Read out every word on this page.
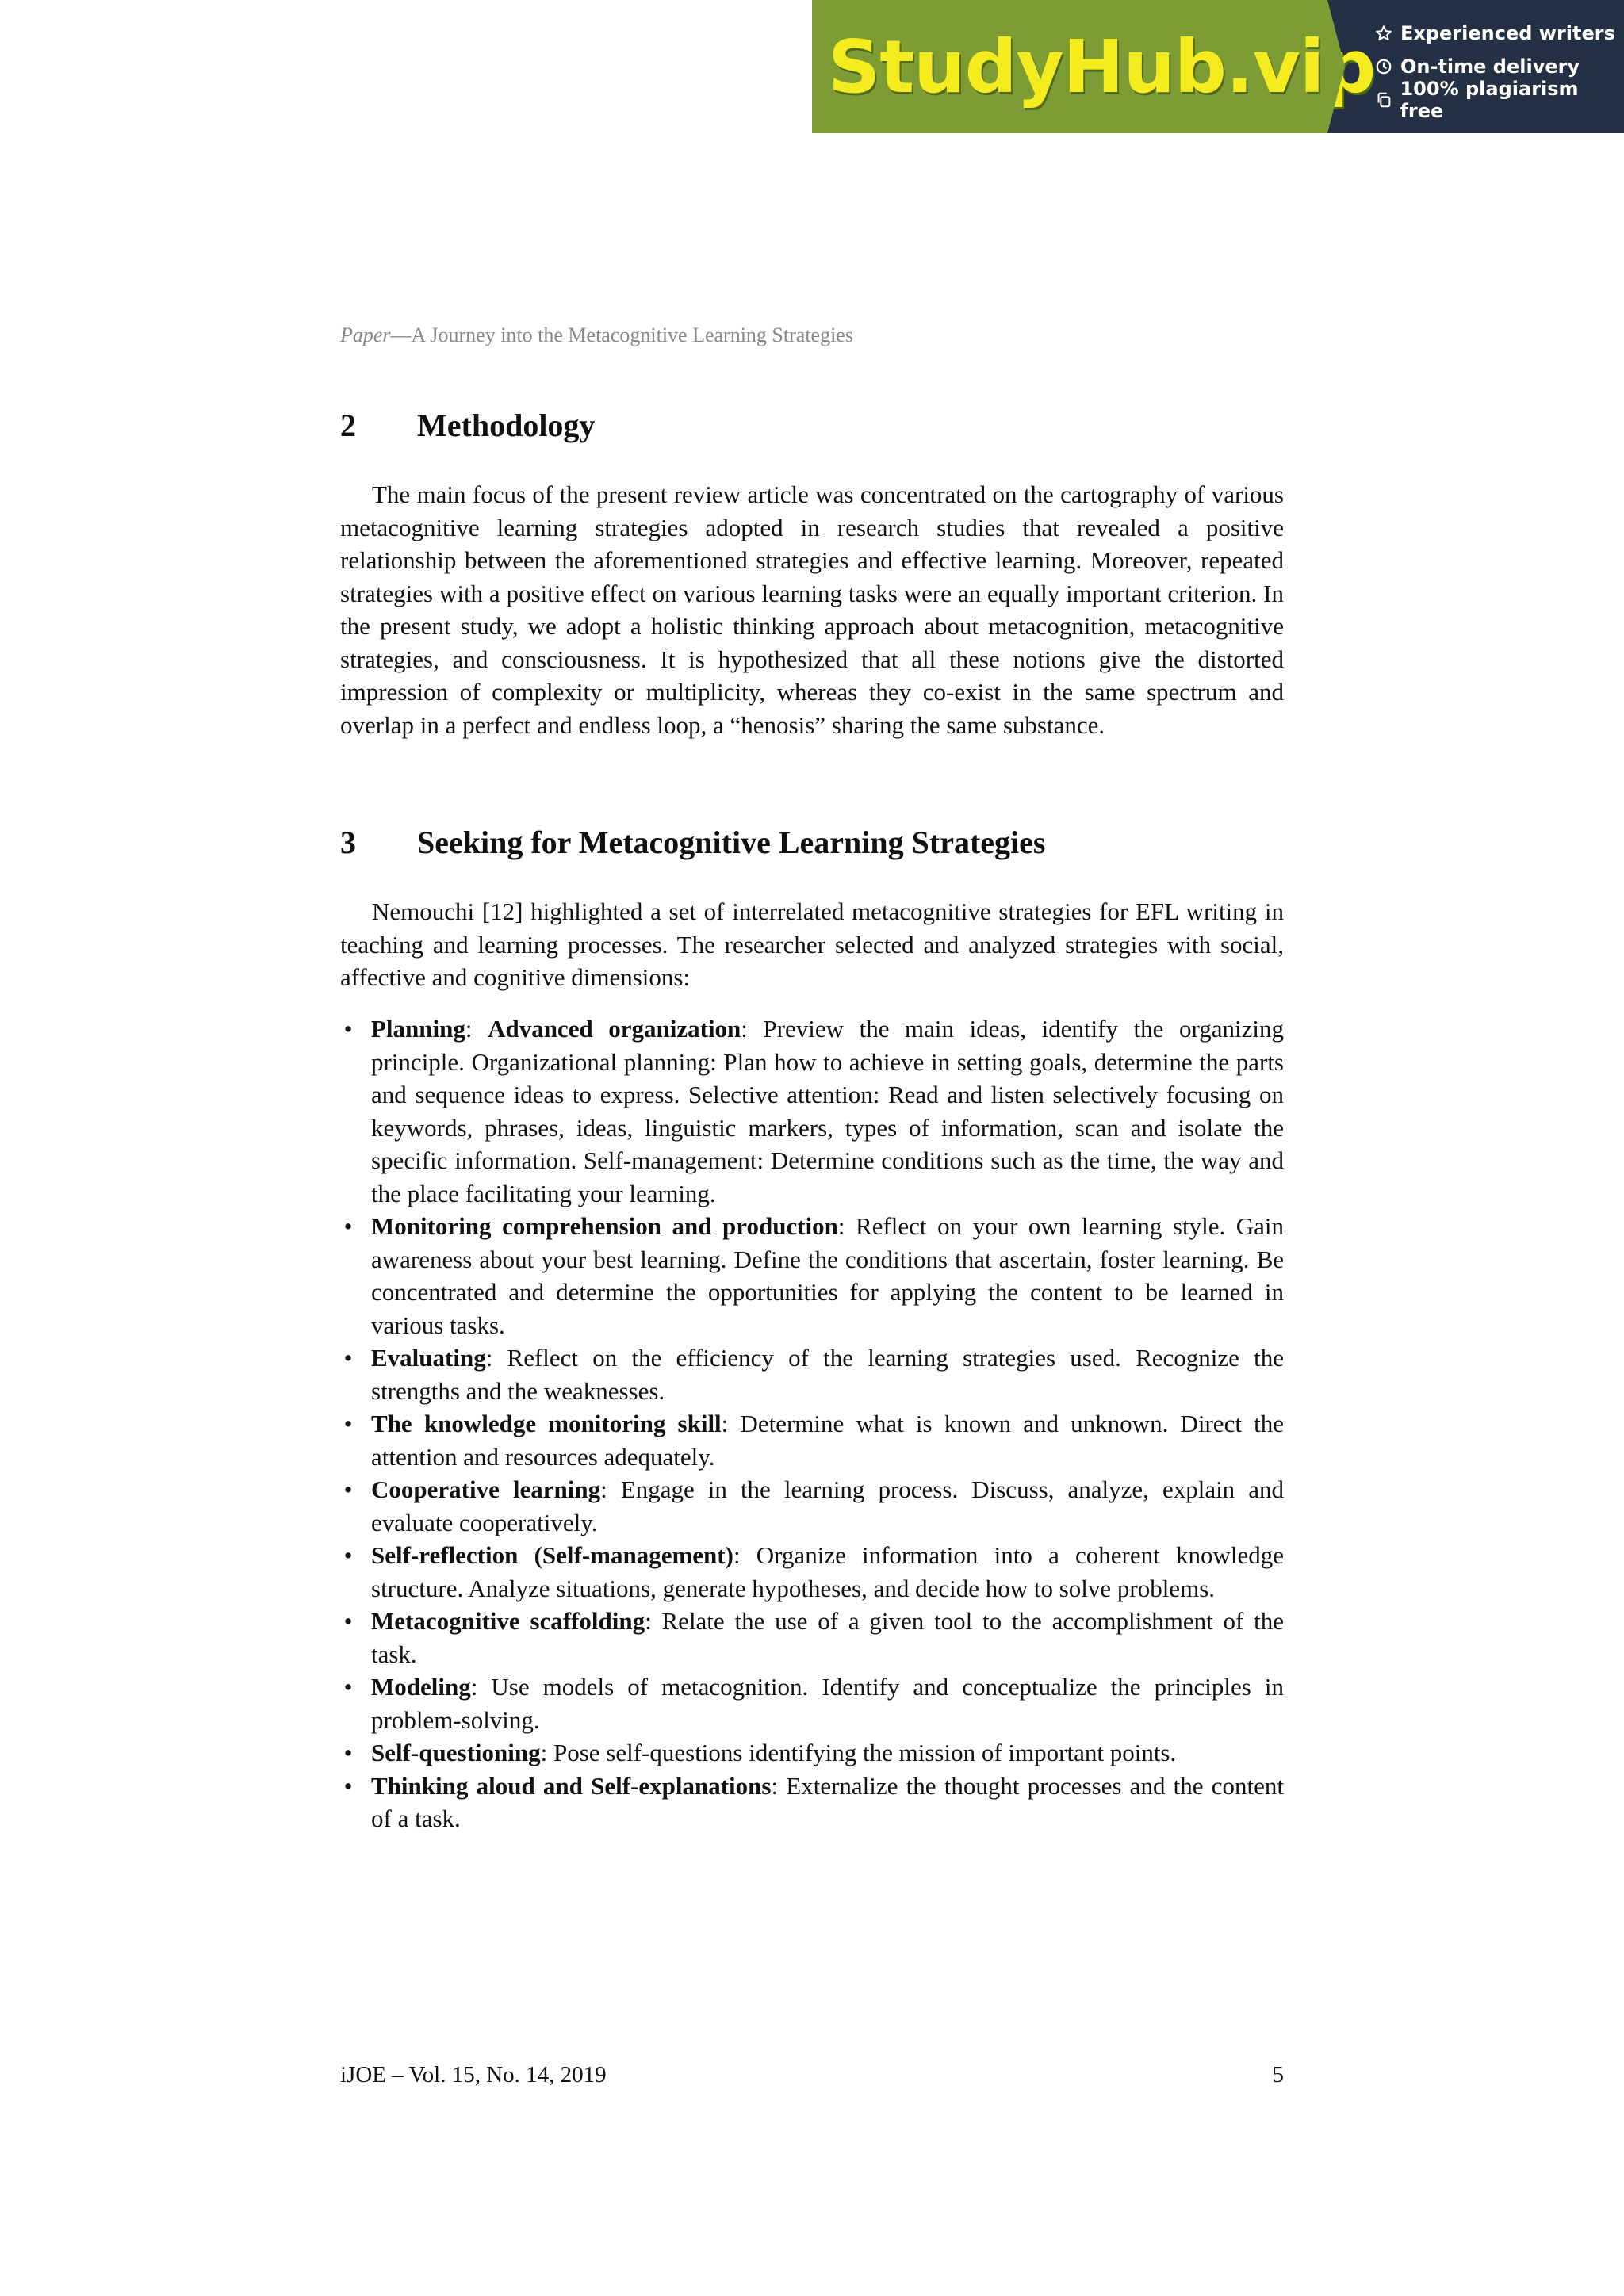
StudyHub.vip Experienced writers
On-time delivery
100% plagiarism free
Paper—A Journey into the Metacognitive Learning Strategies
2 Methodology

The main focus of the present review article was concentrated on the cartography of various metacognitive learning strategies adopted in research studies that revealed a positive relationship between the aforementioned strategies and effective learning. Moreover, repeated strategies with a positive effect on various learning tasks were an equally important criterion. In the present study, we adopt a holistic thinking approach about metacognition, metacognitive strategies, and consciousness. It is hypothesized that all these notions give the distorted impression of complexity or multiplicity, whereas they co-exist in the same spectrum and overlap in a perfect and endless loop, a “henosis” sharing the same substance.

3 Seeking for Metacognitive Learning Strategies

Nemouchi [12] highlighted a set of interrelated metacognitive strategies for EFL writing in teaching and learning processes. The researcher selected and analyzed strategies with social, affective and cognitive dimensions:

• Planning: Advanced organization: Preview the main ideas, identify the organizing principle. Organizational planning: Plan how to achieve in setting goals, determine the parts and sequence ideas to express. Selective attention: Read and listen selectively focusing on keywords, phrases, ideas, linguistic markers, types of information, scan and isolate the specific information. Self-management: Determine conditions such as the time, the way and the place facilitating your learning.
• Monitoring comprehension and production: Reflect on your own learning style. Gain awareness about your best learning. Define the conditions that ascertain, foster learning. Be concentrated and determine the opportunities for applying the content to be learned in various tasks.
• Evaluating: Reflect on the efficiency of the learning strategies used. Recognize the strengths and the weaknesses.
• The knowledge monitoring skill: Determine what is known and unknown. Direct the attention and resources adequately.
• Cooperative learning: Engage in the learning process. Discuss, analyze, explain and evaluate cooperatively.
• Self-reflection (Self-management): Organize information into a coherent knowledge structure. Analyze situations, generate hypotheses, and decide how to solve problems.
• Metacognitive scaffolding: Relate the use of a given tool to the accomplishment of the task.
• Modeling: Use models of metacognition. Identify and conceptualize the principles in problem-solving.
• Self-questioning: Pose self-questions identifying the mission of important points.
• Thinking aloud and Self-explanations: Externalize the thought processes and the content of a task.
iJOE – Vol. 15, No. 14, 2019	5
